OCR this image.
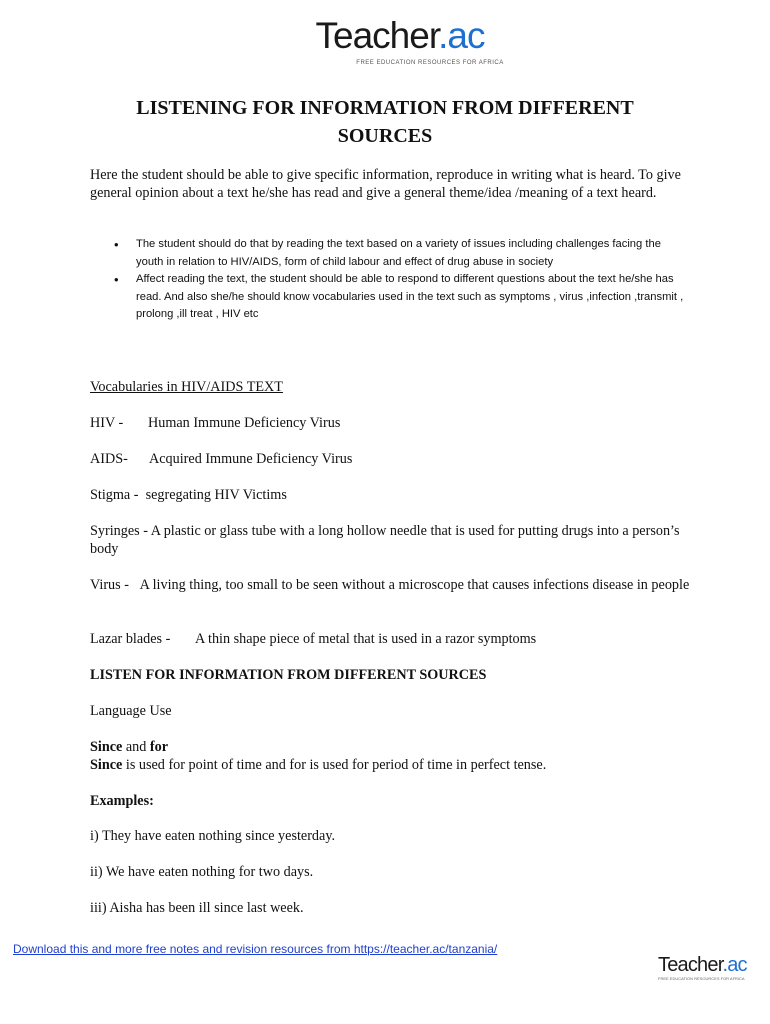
Teacher.ac
FREE EDUCATION RESOURCES FOR AFRICA
LISTENING FOR INFORMATION FROM DIFFERENT
SOURCES

Here the student should be able to give specific information, reproduce in writing what is heard. To give general opinion about a text he/she has read and give a general theme/idea /meaning of a text heard.

• The student should do that by reading the text based on a variety of issues including challenges facing the youth in relation to HIV/AIDS, form of child labour and effect of drug abuse in society
• Affect reading the text, the student should be able to respond to different questions about the text he/she has read. And also she/he should know vocabularies used in the text such as symptoms , virus ,infection ,transmit , prolong ,ill treat , HIV etc

Vocabularies in HIV/AIDS TEXT

HIV - Human Immune Deficiency Virus

AIDS- Acquired Immune Deficiency Virus

Stigma - segregating HIV Victims

Syringes - A plastic or glass tube with a long hollow needle that is used for putting drugs into a person’s body

Virus - A living thing, too small to be seen without a microscope that causes infections disease in people

Lazar blades - A thin shape piece of metal that is used in a razor symptoms

LISTEN FOR INFORMATION FROM DIFFERENT SOURCES

Language Use

Since and for

Since is used for point of time and for is used for period of time in perfect tense.

Examples:

i) They have eaten nothing since yesterday.

ii) We have eaten nothing for two days.

iii) Aisha has been ill since last week.

Download this and more free notes and revision resources from https://teacher.ac/tanzania/
Teacher.ac
FREE EDUCATION RESOURCES FOR AFRICA
